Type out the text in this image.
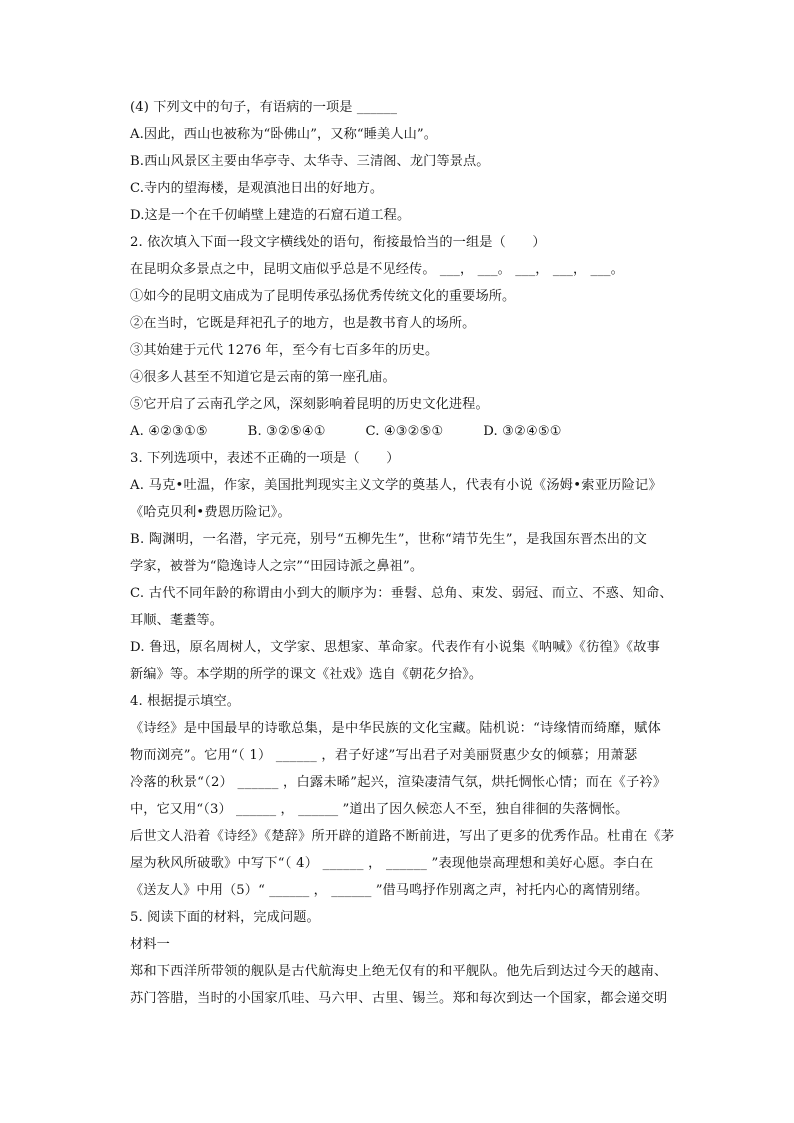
(4) 下列文中的句子，有语病的一项是 ______
A.因此，西山也被称为“卧佛山”，又称“睡美人山”。
B.西山风景区主要由华亭寺、太华寺、三清阁、龙门等景点。
C.寺内的望海楼，是观滇池日出的好地方。
D.这是一个在千仞峭壁上建造的石窟石道工程。
2. 依次填入下面一段文字横线处的语句，衔接最恰当的一组是（　　）
在昆明众多景点之中，昆明文庙似乎总是不见经传。 ___， ___。 ___， ___， ___。
①如今的昆明文庙成为了昆明传承弘扬优秀传统文化的重要场所。
②在当时，它既是拜祀孔子的地方，也是教书育人的场所。
③其始建于元代 1276 年，至今有七百多年的历史。
④很多人甚至不知道它是云南的第一座孔庙。
⑤它开启了云南孔学之风，深刻影响着昆明的历史文化进程。
A. ④②③①⑤　　　B. ③②⑤④①　　　C. ④③②⑤①　　　D. ③②④⑤①
3. 下列选项中，表述不正确的一项是（　　）
A. 马克•吐温，作家，美国批判现实主义文学的奠基人，代表有小说《汤姆•索亚历险记》
《哈克贝利•费恩历险记》。
B. 陶渊明，一名潜，字元亮，别号“五柳先生”，世称“靖节先生”，是我国东晋杰出的文
学家，被誉为“隐逸诗人之宗”“田园诗派之鼻祖”。
C. 古代不同年龄的称谓由小到大的顺序为：垂髫、总角、束发、弱冠、而立、不惑、知命、
耳顺、耄耋等。
D. 鲁迅，原名周树人，文学家、思想家、革命家。代表作有小说集《呐喊》《彷徨》《故事
新编》等。本学期的所学的课文《社戏》选自《朝花夕拾》。
4. 根据提示填空。
《诗经》是中国最早的诗歌总集，是中华民族的文化宝藏。陆机说：“诗缘情而绮靡，赋体
物而浏亮”。它用“（ 1） ______ ，君子好逑”写出君子对美丽贤惠少女的倾慕；用萧瑟
冷落的秋景“（2） ______ ，白露未晞”起兴，渲染凄清气氛，烘托惆怅心情；而在《子衿》
中，它又用“（3） ______ ， ______ ”道出了因久候恋人不至，独自徘徊的失落惆怅。
后世文人沿着《诗经》《楚辞》所开辟的道路不断前进，写出了更多的优秀作品。杜甫在《茅
屋为秋风所破歌》中写下“（ 4） ______ ， ______ ”表现他崇高理想和美好心愿。李白在
《送友人》中用（5）“ ______ ， ______ ”借马鸣抒作别离之声，衬托内心的离情别绪。
5. 阅读下面的材料，完成问题。
材料一
郑和下西洋所带领的舰队是古代航海史上绝无仅有的和平舰队。他先后到达过今天的越南、
苏门答腊，当时的小国家爪哇、马六甲、古里、锡兰。郑和每次到达一个国家，都会递交明
